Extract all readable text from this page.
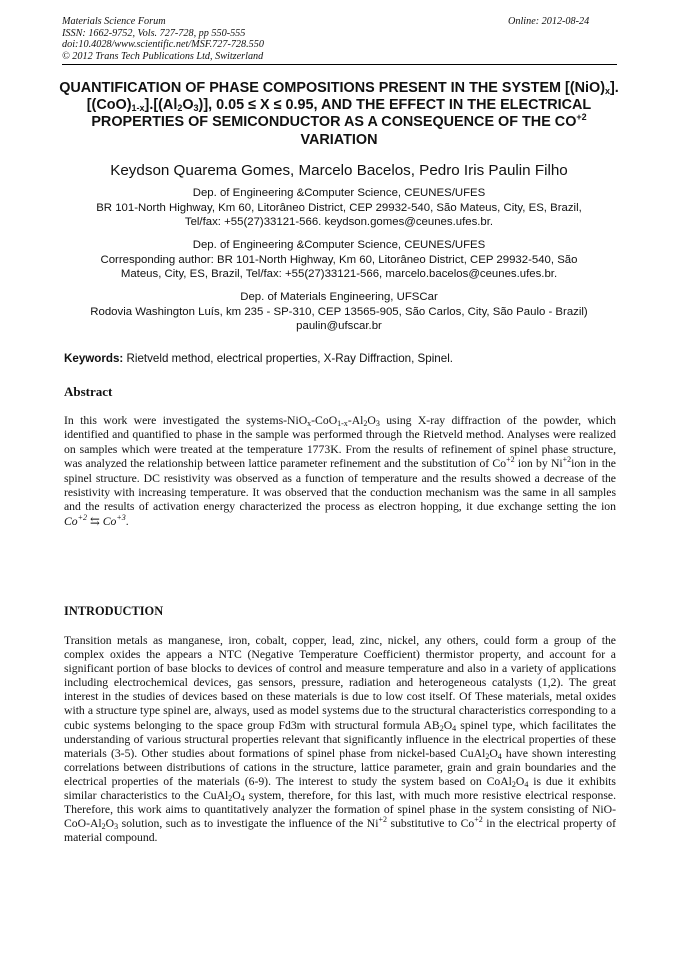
Materials Science Forum
ISSN: 1662-9752, Vols. 727-728, pp 550-555
doi:10.4028/www.scientific.net/MSF.727-728.550
© 2012 Trans Tech Publications Ltd, Switzerland
Online: 2012-08-24
QUANTIFICATION OF PHASE COMPOSITIONS PRESENT IN THE SYSTEM $[(NiO)_x].[(CoO)_{1-x}].[(Al_2O_3)]$, 0.05 ≤ X ≤ 0.95, AND THE EFFECT IN THE ELECTRICAL PROPERTIES OF SEMICONDUCTOR AS A CONSEQUENCE OF THE $CO^{+2}$ VARIATION
Keydson Quarema Gomes, Marcelo Bacelos, Pedro Iris Paulin Filho
Dep. of Engineering &Computer Science, CEUNES/UFES
BR 101-North Highway, Km 60, Litorâneo District, CEP 29932-540, São Mateus, City, ES, Brazil,
Tel/fax: +55(27)33121-566. keydson.gomes@ceunes.ufes.br.
Dep. of Engineering &Computer Science, CEUNES/UFES
Corresponding author: BR 101-North Highway, Km 60, Litorâneo District, CEP 29932-540, São
Mateus, City, ES, Brazil, Tel/fax: +55(27)33121-566, marcelo.bacelos@ceunes.ufes.br.
Dep. of Materials Engineering, UFSCar
Rodovia Washington Luís, km 235 - SP-310, CEP 13565-905, São Carlos, City, São Paulo - Brazil)
paulin@ufscar.br
Keywords: Rietveld method, electrical properties, X-Ray Diffraction, Spinel.
Abstract
In this work were investigated the systems-$NiO_x-CoO_{1-x}-Al_2O_3$ using X-ray diffraction of the powder, which identified and quantified to phase in the sample was performed through the Rietveld method. Analyses were realized on samples which were treated at the temperature 1773K. From the results of refinement of spinel phase structure, was analyzed the relationship between lattice parameter refinement and the substitution of $Co^{+2}$ ion by $Ni^{+2}ion$ in the spinel structure. DC resistivity was observed as a function of temperature and the results showed a decrease of the resistivity with increasing temperature. It was observed that the conduction mechanism was the same in all samples and the results of activation energy characterized the process as electron hopping, it due exchange setting the ion $Co^{+2}$ ⇆ $Co^{+3}$.
INTRODUCTION
Transition metals as manganese, iron, cobalt, copper, lead, zinc, nickel, any others, could form a group of the complex oxides the appears a NTC (Negative Temperature Coefficient) thermistor property, and account for a significant portion of base blocks to devices of control and measure temperature and also in a variety of applications including electrochemical devices, gas sensors, pressure, radiation and heterogeneous catalysts (1,2). The great interest in the studies of devices based on these materials is due to low cost itself. Of These materials, metal oxides with a structure type spinel are, always, used as model systems due to the structural characteristics corresponding to a cubic systems belonging to the space group Fd3m with structural formula $AB_2O_4$ spinel type, which facilitates the understanding of various structural properties relevant that significantly influence in the electrical properties of these materials (3-5). Other studies about formations of spinel phase from nickel-based $CuAl_2O_4$ have shown interesting correlations between distributions of cations in the structure, lattice parameter, grain and grain boundaries and the electrical properties of the materials (6-9). The interest to study the system based on $CoAl_2O_4$ is due it exhibits similar characteristics to the $CuAl_2O_4$ system, therefore, for this last, with much more resistive electrical response. Therefore, this work aims to quantitatively analyzer the formation of spinel phase in the system consisting of NiO-$CoO-Al_2O_3$ solution, such as to investigate the influence of the $Ni^{+2}$ substitutive to $Co^{+2}$ in the electrical property of material compound.
